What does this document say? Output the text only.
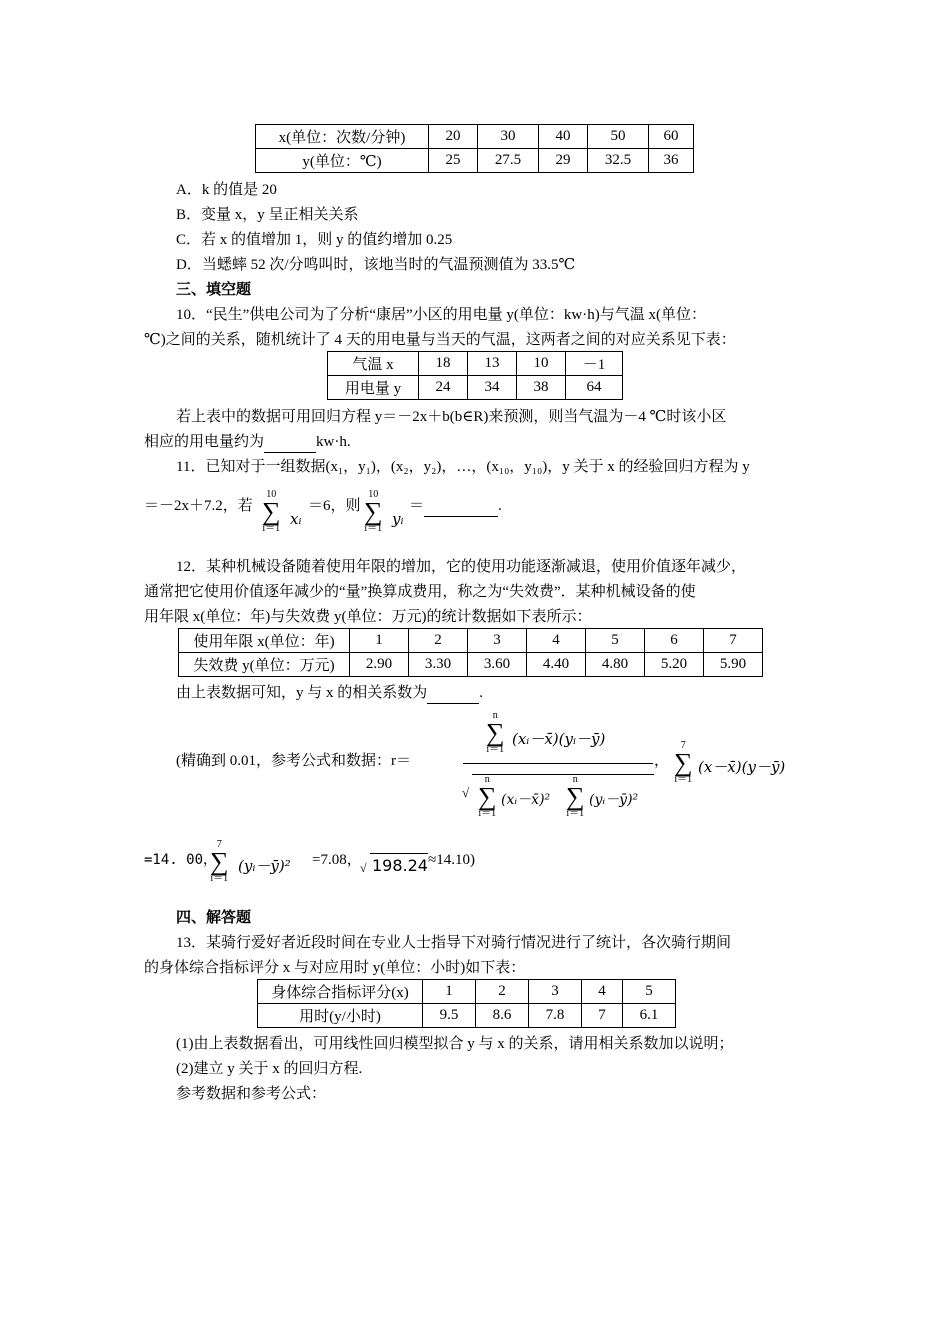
x(单位：次数/分钟)	20	30	40	50	60
y(单位：℃)	25	27.5	29	32.5	36
A．k 的值是 20
B．变量 x，y 呈正相关关系
C．若 x 的值增加 1，则 y 的值约增加 0.25
D．当蟋蟀 52 次/分鸣叫时，该地当时的气温预测值为 33.5℃
三、填空题
10．“民生”供电公司为了分析“康居”小区的用电量 y(单位：kw·h)与气温 x(单位：
℃)之间的关系，随机统计了 4 天的用电量与当天的气温，这两者之间的对应关系见下表：
气温 x	18	13	10	－1
用电量 y	24	34	38	64
若上表中的数据可用回归方程 y＝－2x＋b(b∈R)来预测，则当气温为－4 ℃时该小区
相应的用电量约为	kw·h.
11．已知对于一组数据(x₁，y₁)，(x₂，y₂)，…，(x₁₀，y₁₀)，y 关于 x 的经验回归方程为 y
＝－2x＋7.2，若
10
∑
i＝1
xᵢ
＝6，则
10
∑
i＝1
yᵢ
＝	.
12．某种机械设备随着使用年限的增加，它的使用功能逐渐减退，使用价值逐年减少，
通常把它使用价值逐年减少的“量”换算成费用，称之为“失效费”．某种机械设备的使
用年限 x(单位：年)与失效费 y(单位：万元)的统计数据如下表所示：
使用年限 x(单位：年)	1	2	3	4	5	6	7
失效费 y(单位：万元)	2.90	3.30	3.60	4.40	4.80	5.20	5.90
由上表数据可知，y 与 x 的相关系数为	.
(精确到 0.01，参考公式和数据：r＝
n
∑
i＝1
(xᵢ－x̄)(yᵢ－ȳ)
√
n
∑
i＝1
(xᵢ－x̄)²
n
∑
i＝1
(yᵢ－ȳ)²
，
7
∑
i＝1
(x－x̄)(y－ȳ)
=14. 00，
7
∑
i＝1
(yᵢ－ȳ)² =7.08，
√ 198.24 ≈14.10)
四、解答题
13．某骑行爱好者近段时间在专业人士指导下对骑行情况进行了统计，各次骑行期间
的身体综合指标评分 x 与对应用时 y(单位：小时)如下表：
身体综合指标评分(x)	1	2	3	4	5
用时(y/小时)	9.5	8.6	7.8	7	6.1
(1)由上表数据看出，可用线性回归模型拟合 y 与 x 的关系，请用相关系数加以说明；
(2)建立 y 关于 x 的回归方程.
参考数据和参考公式：
